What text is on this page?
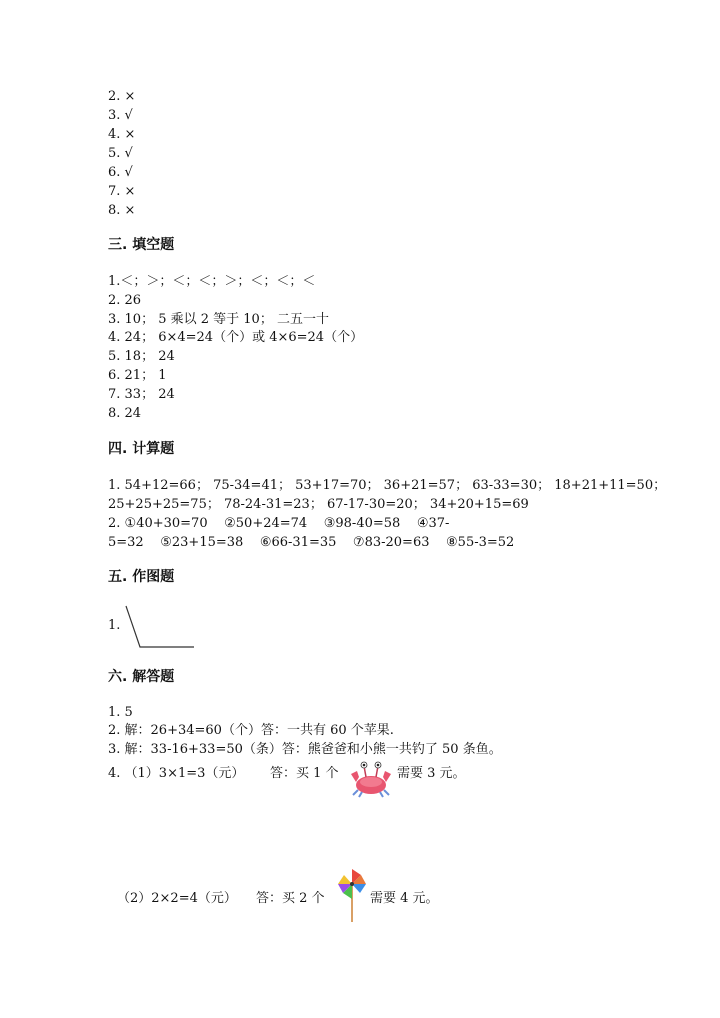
2. ×
3. √
4. ×
5. √
6. √
7. ×
8. ×
三. 填空题
1.＜；＞；＜；＜；＞；＜；＜；＜
2. 26
3. 10； 5 乘以 2 等于 10； 二五一十
4. 24； 6×4=24（个）或 4×6=24（个）
5. 18； 24
6. 21； 1
7. 33； 24
8. 24
四. 计算题
1. 54+12=66； 75-34=41； 53+17=70； 36+21=57； 63-33=30； 18+21+11=50；
25+25+25=75； 78-24-31=23； 67-17-30=20； 34+20+15=69
2. ①40+30=70    ②50+24=74    ③98-40=58    ④37-
5=32    ⑤23+15=38    ⑥66-31=35    ⑦83-20=63    ⑧55-3=52
五. 作图题
1.
六. 解答题
1. 5
2. 解：26+34=60（个）答：一共有 60 个苹果.
3. 解：33-16+33=50（条）答：熊爸爸和小熊一共钓了 50 条鱼。
4. （1）3×1=3（元） 答：买 1 个	需要 3 元。
（2）2×2=4（元） 答：买 2 个	需要 4 元。
